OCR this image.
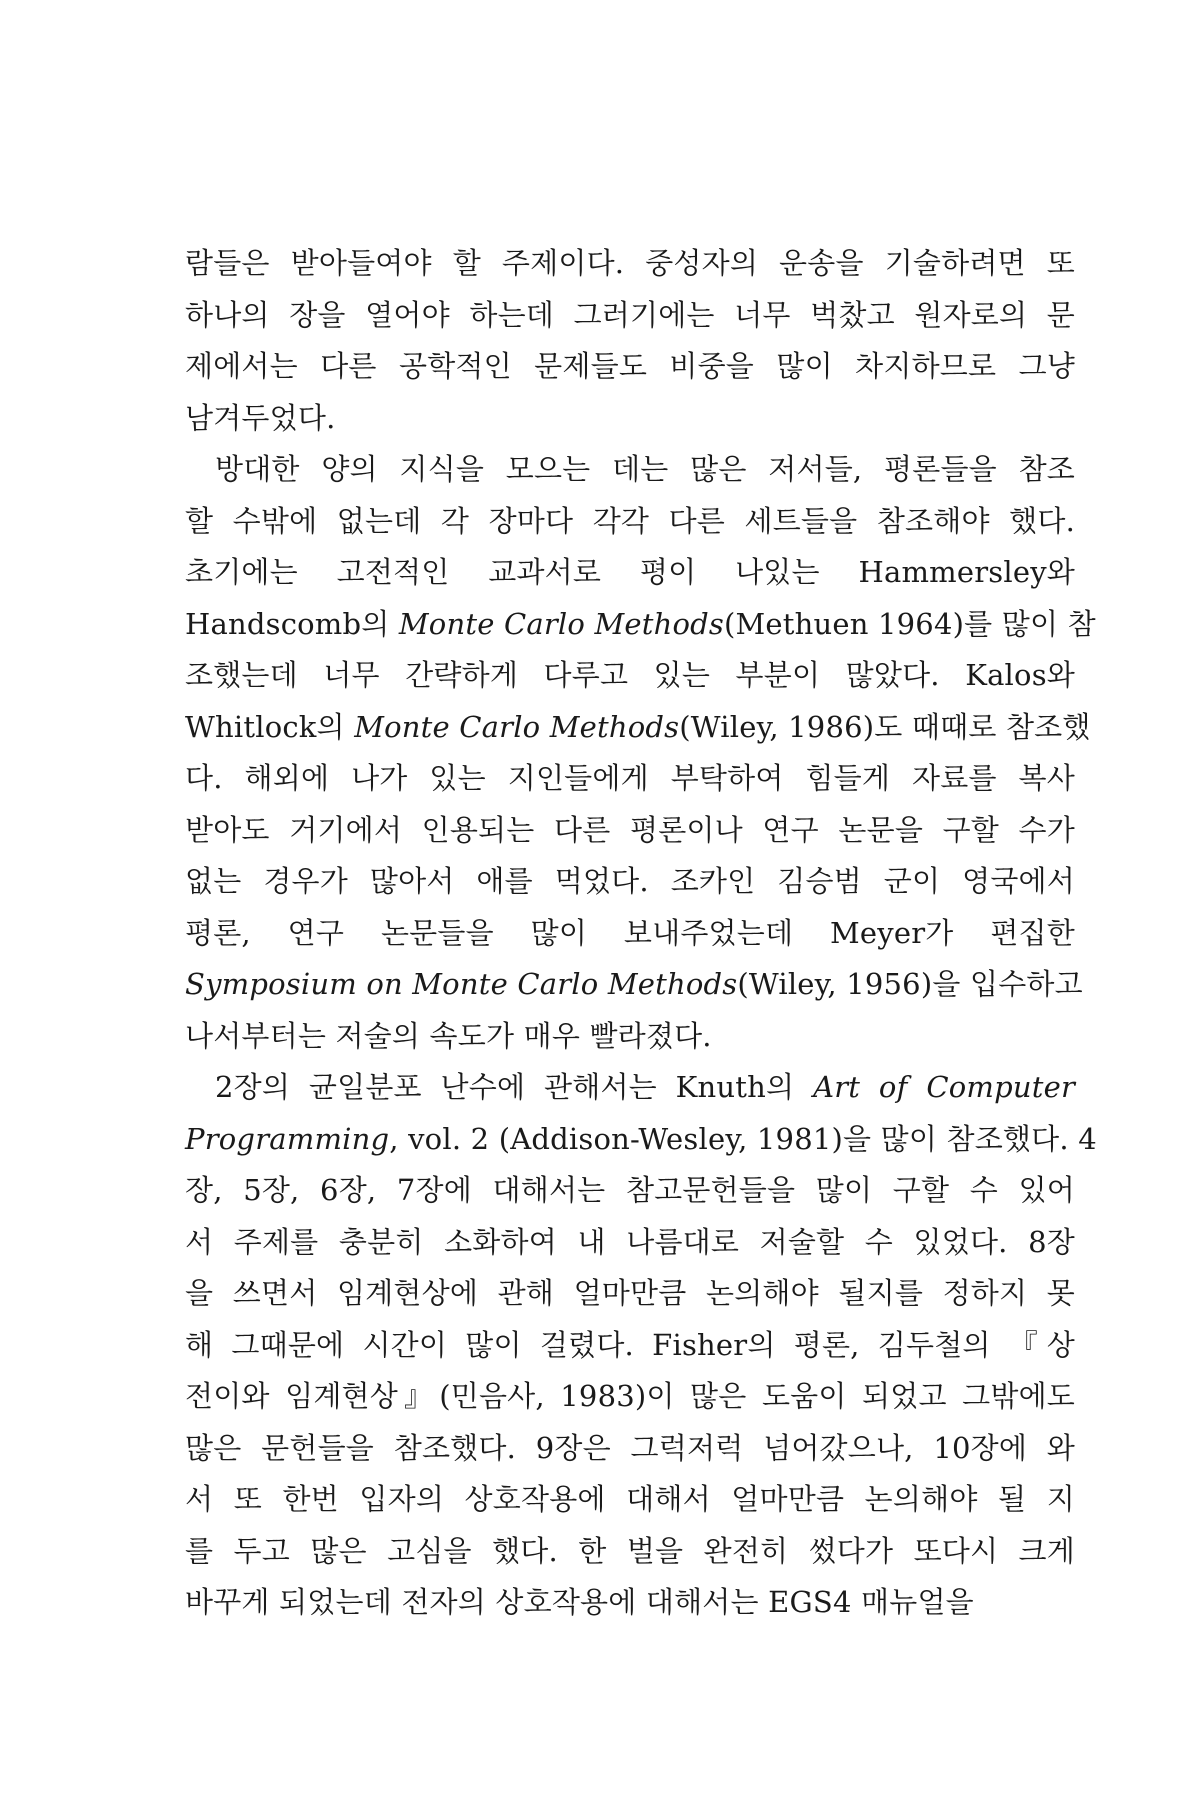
람들은 받아들여야 할 주제이다. 중성자의 운송을 기술하려면 또
하나의 장을 열어야 하는데 그러기에는 너무 벅찼고 원자로의 문
제에서는 다른 공학적인 문제들도 비중을 많이 차지하므로 그냥
남겨두었다.
방대한 양의 지식을 모으는 데는 많은 저서들, 평론들을 참조
할 수밖에 없는데 각 장마다 각각 다른 세트들을 참조해야 했다.
초기에는 고전적인 교과서로 평이 나있는 Hammersley와
Handscomb의 Monte Carlo Methods(Methuen 1964)를 많이 참
조했는데 너무 간략하게 다루고 있는 부분이 많았다. Kalos와
Whitlock의 Monte Carlo Methods(Wiley, 1986)도 때때로 참조했
다. 해외에 나가 있는 지인들에게 부탁하여 힘들게 자료를 복사
받아도 거기에서 인용되는 다른 평론이나 연구 논문을 구할 수가
없는 경우가 많아서 애를 먹었다. 조카인 김승범 군이 영국에서
평론, 연구 논문들을 많이 보내주었는데 Meyer가 편집한
Symposium on Monte Carlo Methods(Wiley, 1956)을 입수하고
나서부터는 저술의 속도가 매우 빨라졌다.
2장의 균일분포 난수에 관해서는 Knuth의 Art of Computer
Programming, vol. 2 (Addison-Wesley, 1981)을 많이 참조했다. 4
장, 5장, 6장, 7장에 대해서는 참고문헌들을 많이 구할 수 있어
서 주제를 충분히 소화하여 내 나름대로 저술할 수 있었다. 8장
을 쓰면서 임계현상에 관해 얼마만큼 논의해야 될지를 정하지 못
해 그때문에 시간이 많이 걸렸다. Fisher의 평론, 김두철의 『상
전이와 임계현상』(민음사, 1983)이 많은 도움이 되었고 그밖에도
많은 문헌들을 참조했다. 9장은 그럭저럭 넘어갔으나, 10장에 와
서 또 한번 입자의 상호작용에 대해서 얼마만큼 논의해야 될 지
를 두고 많은 고심을 했다. 한 벌을 완전히 썼다가 또다시 크게
바꾸게 되었는데 전자의 상호작용에 대해서는 EGS4 매뉴얼을
